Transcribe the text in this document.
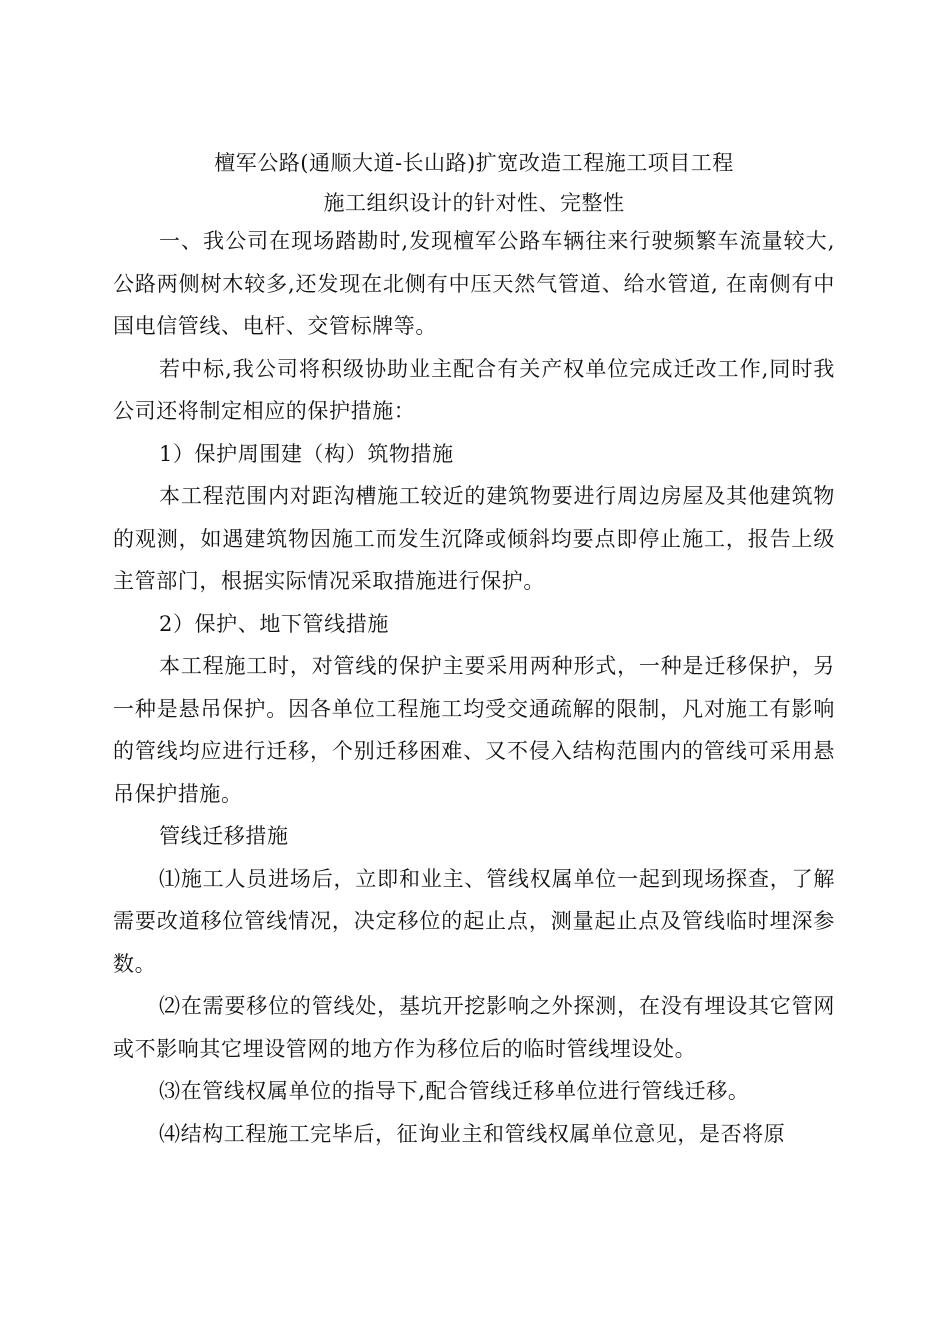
檀军公路(通顺大道-长山路)扩宽改造工程施工项目工程

施工组织设计的针对性、完整性

一、我公司在现场踏勘时,发现檀军公路车辆往来行驶频繁车流量较大,公路两侧树木较多,还发现在北侧有中压天然气管道、给水管道, 在南侧有中国电信管线、电杆、交管标牌等。

若中标,我公司将积级协助业主配合有关产权单位完成迁改工作,同时我公司还将制定相应的保护措施：

1）保护周围建（构）筑物措施

本工程范围内对距沟槽施工较近的建筑物要进行周边房屋及其他建筑物的观测，如遇建筑物因施工而发生沉降或倾斜均要点即停止施工，报告上级主管部门，根据实际情况采取措施进行保护。

2）保护、地下管线措施

本工程施工时，对管线的保护主要采用两种形式，一种是迁移保护，另一种是悬吊保护。因各单位工程施工均受交通疏解的限制，凡对施工有影响的管线均应进行迁移，个别迁移困难、又不侵入结构范围内的管线可采用悬吊保护措施。

管线迁移措施

⑴施工人员进场后，立即和业主、管线权属单位一起到现场探查，了解需要改道移位管线情况，决定移位的起止点，测量起止点及管线临时埋深参数。

⑵在需要移位的管线处，基坑开挖影响之外探测，在没有埋设其它管网或不影响其它埋设管网的地方作为移位后的临时管线埋设处。

⑶在管线权属单位的指导下,配合管线迁移单位进行管线迁移。

⑷结构工程施工完毕后，征询业主和管线权属单位意见，是否将原
